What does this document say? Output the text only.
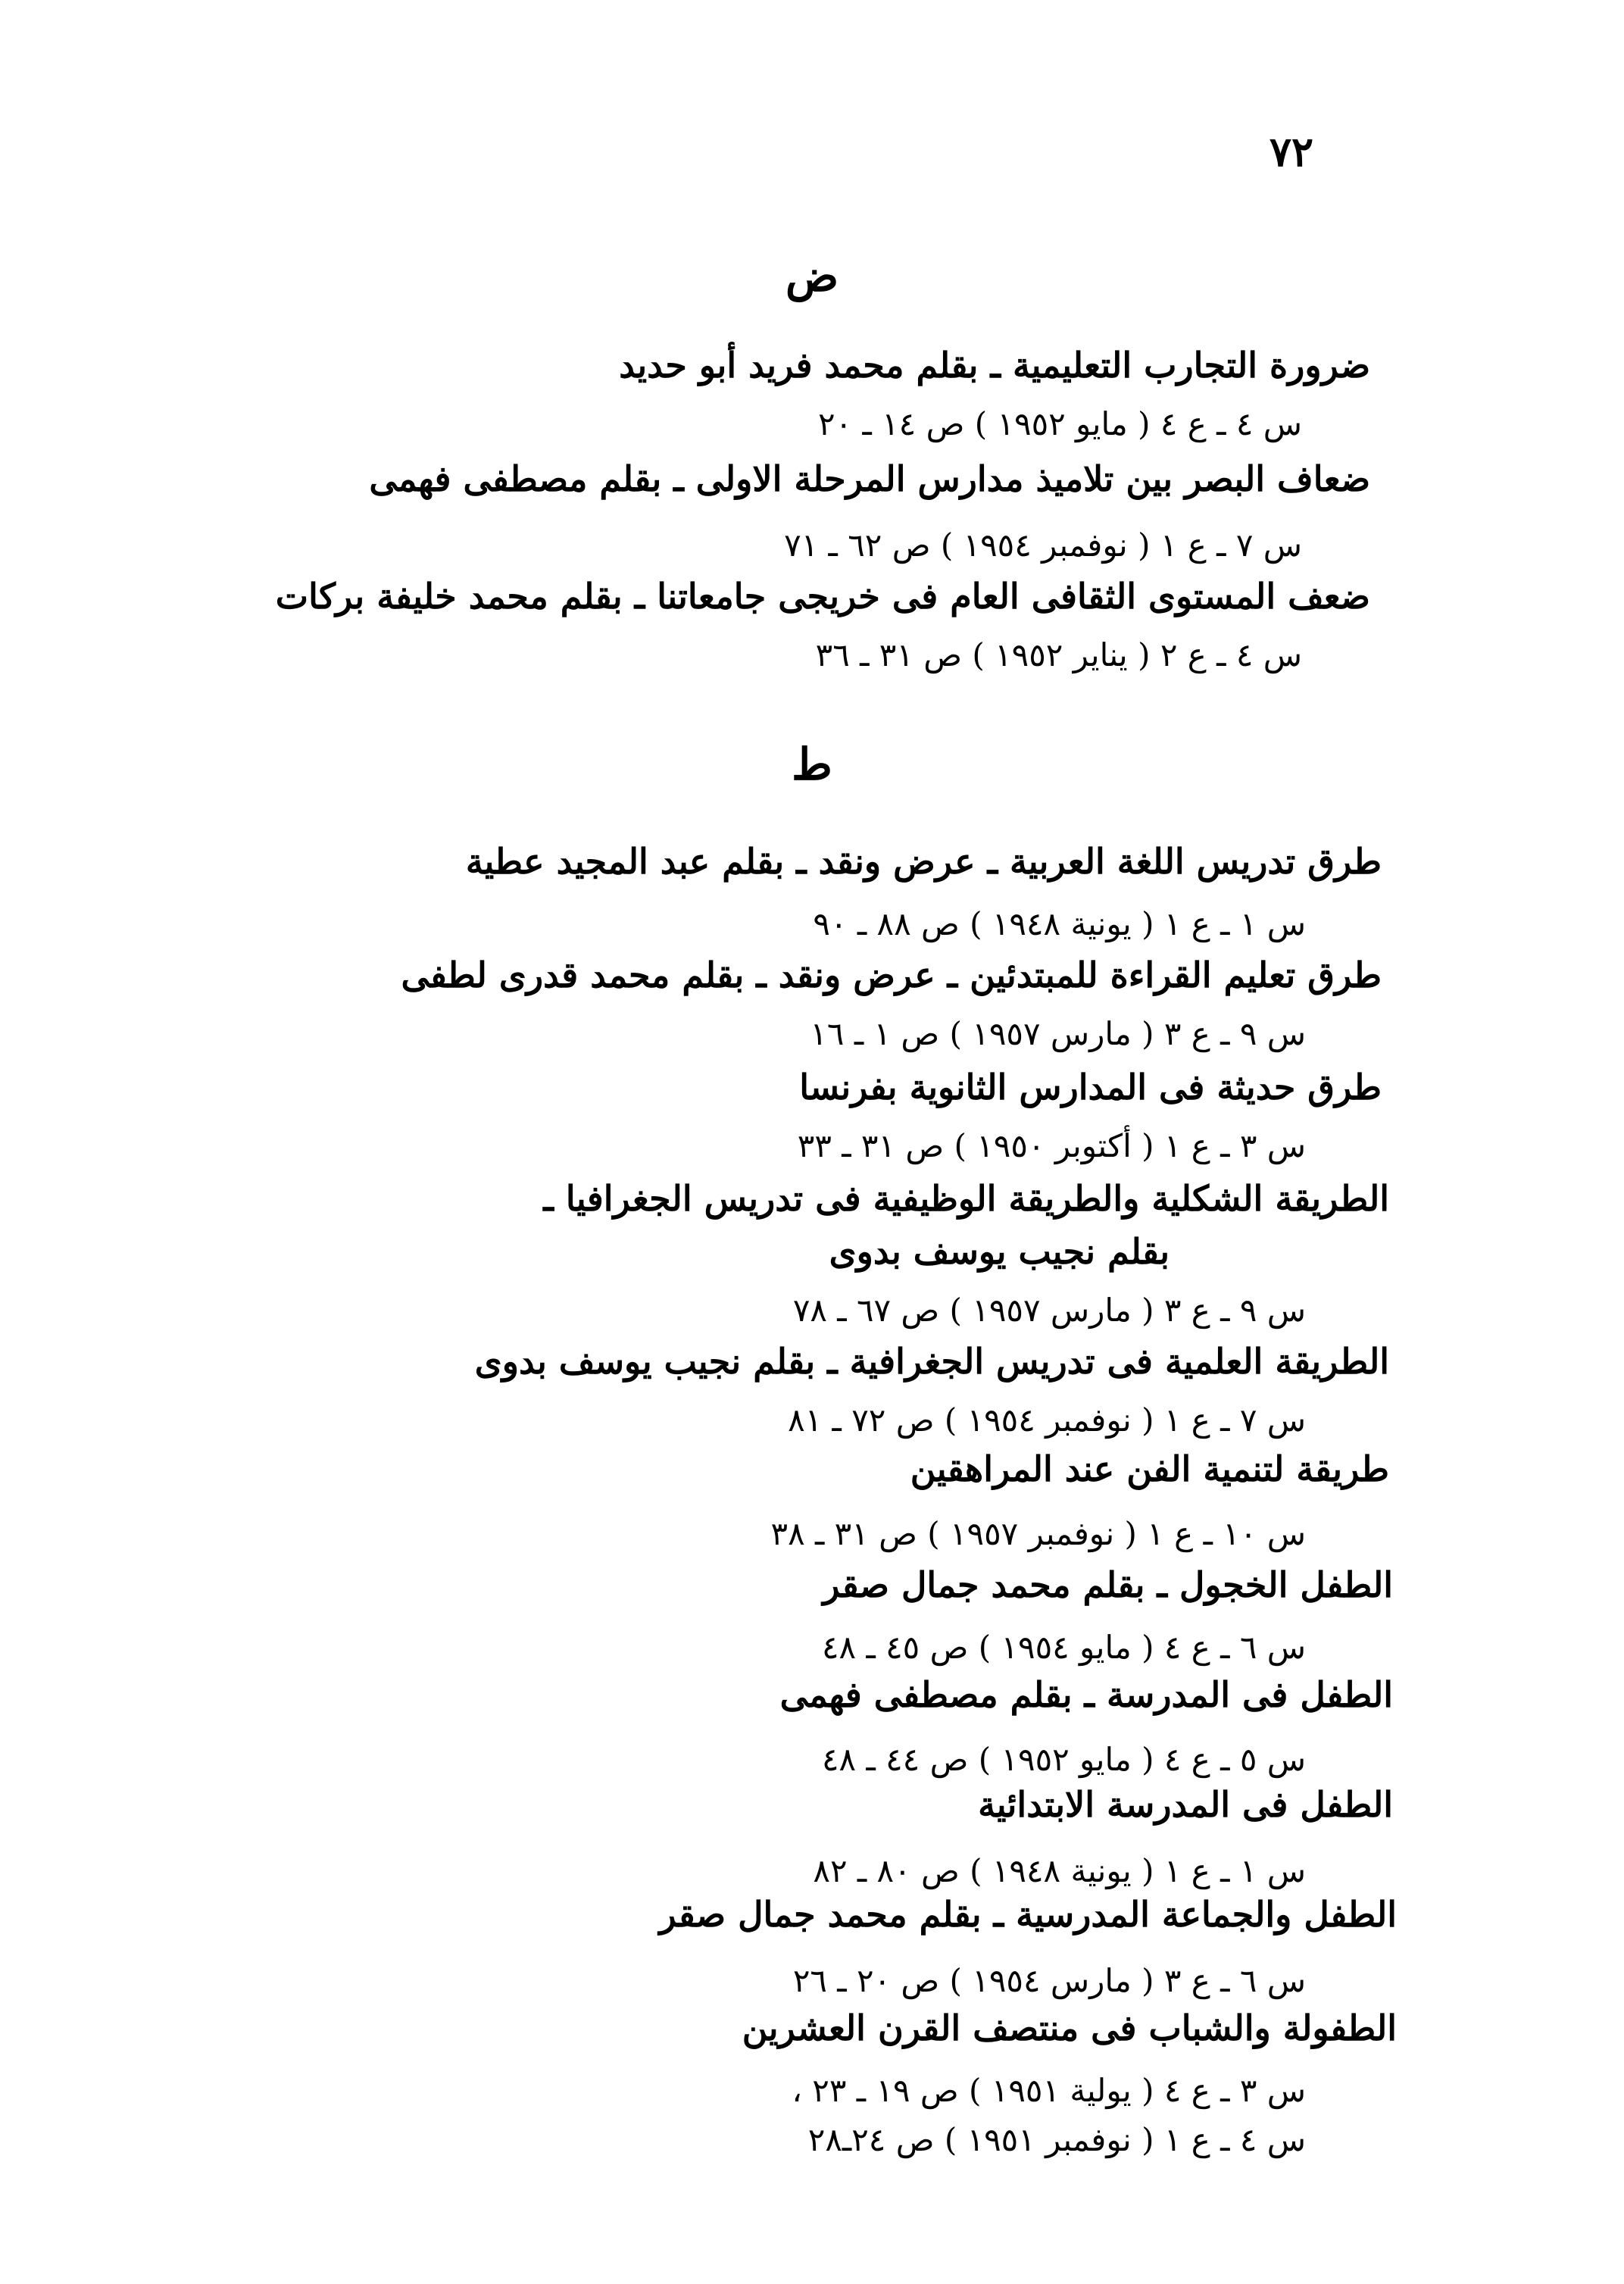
٧٢
ض
ضرورة التجارب التعليمية ـ بقلم محمد فريد أبو حديد
س ٤ ـ ع ٤ ( مايو ١٩٥٢ ) ص ١٤ ـ ٢٠
ضعاف البصر بين تلاميذ مدارس المرحلة الاولى ـ بقلم مصطفى فهمى
س ٧ ـ ع ١ ( نوفمبر ١٩٥٤ ) ص ٦٢ ـ ٧١
ضعف المستوى الثقافى العام فى خريجى جامعاتنا ـ بقلم محمد خليفة بركات
س ٤ ـ ع ٢ ( يناير ١٩٥٢ ) ص ٣١ ـ ٣٦
ط
طرق تدريس اللغة العربية ـ عرض ونقد ـ بقلم عبد المجيد عطية
س ١ ـ ع ١ ( يونية ١٩٤٨ ) ص ٨٨ ـ ٩٠
طرق تعليم القراءة للمبتدئين ـ عرض ونقد ـ بقلم محمد قدرى لطفى
س ٩ ـ ع ٣ ( مارس ١٩٥٧ ) ص ١ ـ ١٦
طرق حديثة فى المدارس الثانوية بفرنسا
س ٣ ـ ع ١ ( أكتوبر ١٩٥٠ ) ص ٣١ ـ ٣٣
الطريقة الشكلية والطريقة الوظيفية فى تدريس الجغرافيا ـ
بقلم نجيب يوسف بدوى
س ٩ ـ ع ٣ ( مارس ١٩٥٧ ) ص ٦٧ ـ ٧٨
الطريقة العلمية فى تدريس الجغرافية ـ بقلم نجيب يوسف بدوى
س ٧ ـ ع ١ ( نوفمبر ١٩٥٤ ) ص ٧٢ ـ ٨١
طريقة لتنمية الفن عند المراهقين
س ١٠ ـ ع ١ ( نوفمبر ١٩٥٧ ) ص ٣١ ـ ٣٨
الطفل الخجول ـ بقلم محمد جمال صقر
س ٦ ـ ع ٤ ( مايو ١٩٥٤ ) ص ٤٥ ـ ٤٨
الطفل فى المدرسة ـ بقلم مصطفى فهمى
س ٥ ـ ع ٤ ( مايو ١٩٥٢ ) ص ٤٤ ـ ٤٨
الطفل فى المدرسة الابتدائية
س ١ ـ ع ١ ( يونية ١٩٤٨ ) ص ٨٠ ـ ٨٢
الطفل والجماعة المدرسية ـ بقلم محمد جمال صقر
س ٦ ـ ع ٣ ( مارس ١٩٥٤ ) ص ٢٠ ـ ٢٦
الطفولة والشباب فى منتصف القرن العشرين
س ٣ ـ ع ٤ ( يولية ١٩٥١ ) ص ١٩ ـ ٢٣ ،
س ٤ ـ ع ١ ( نوفمبر ١٩٥١ ) ص ٢٤ـ٢٨
